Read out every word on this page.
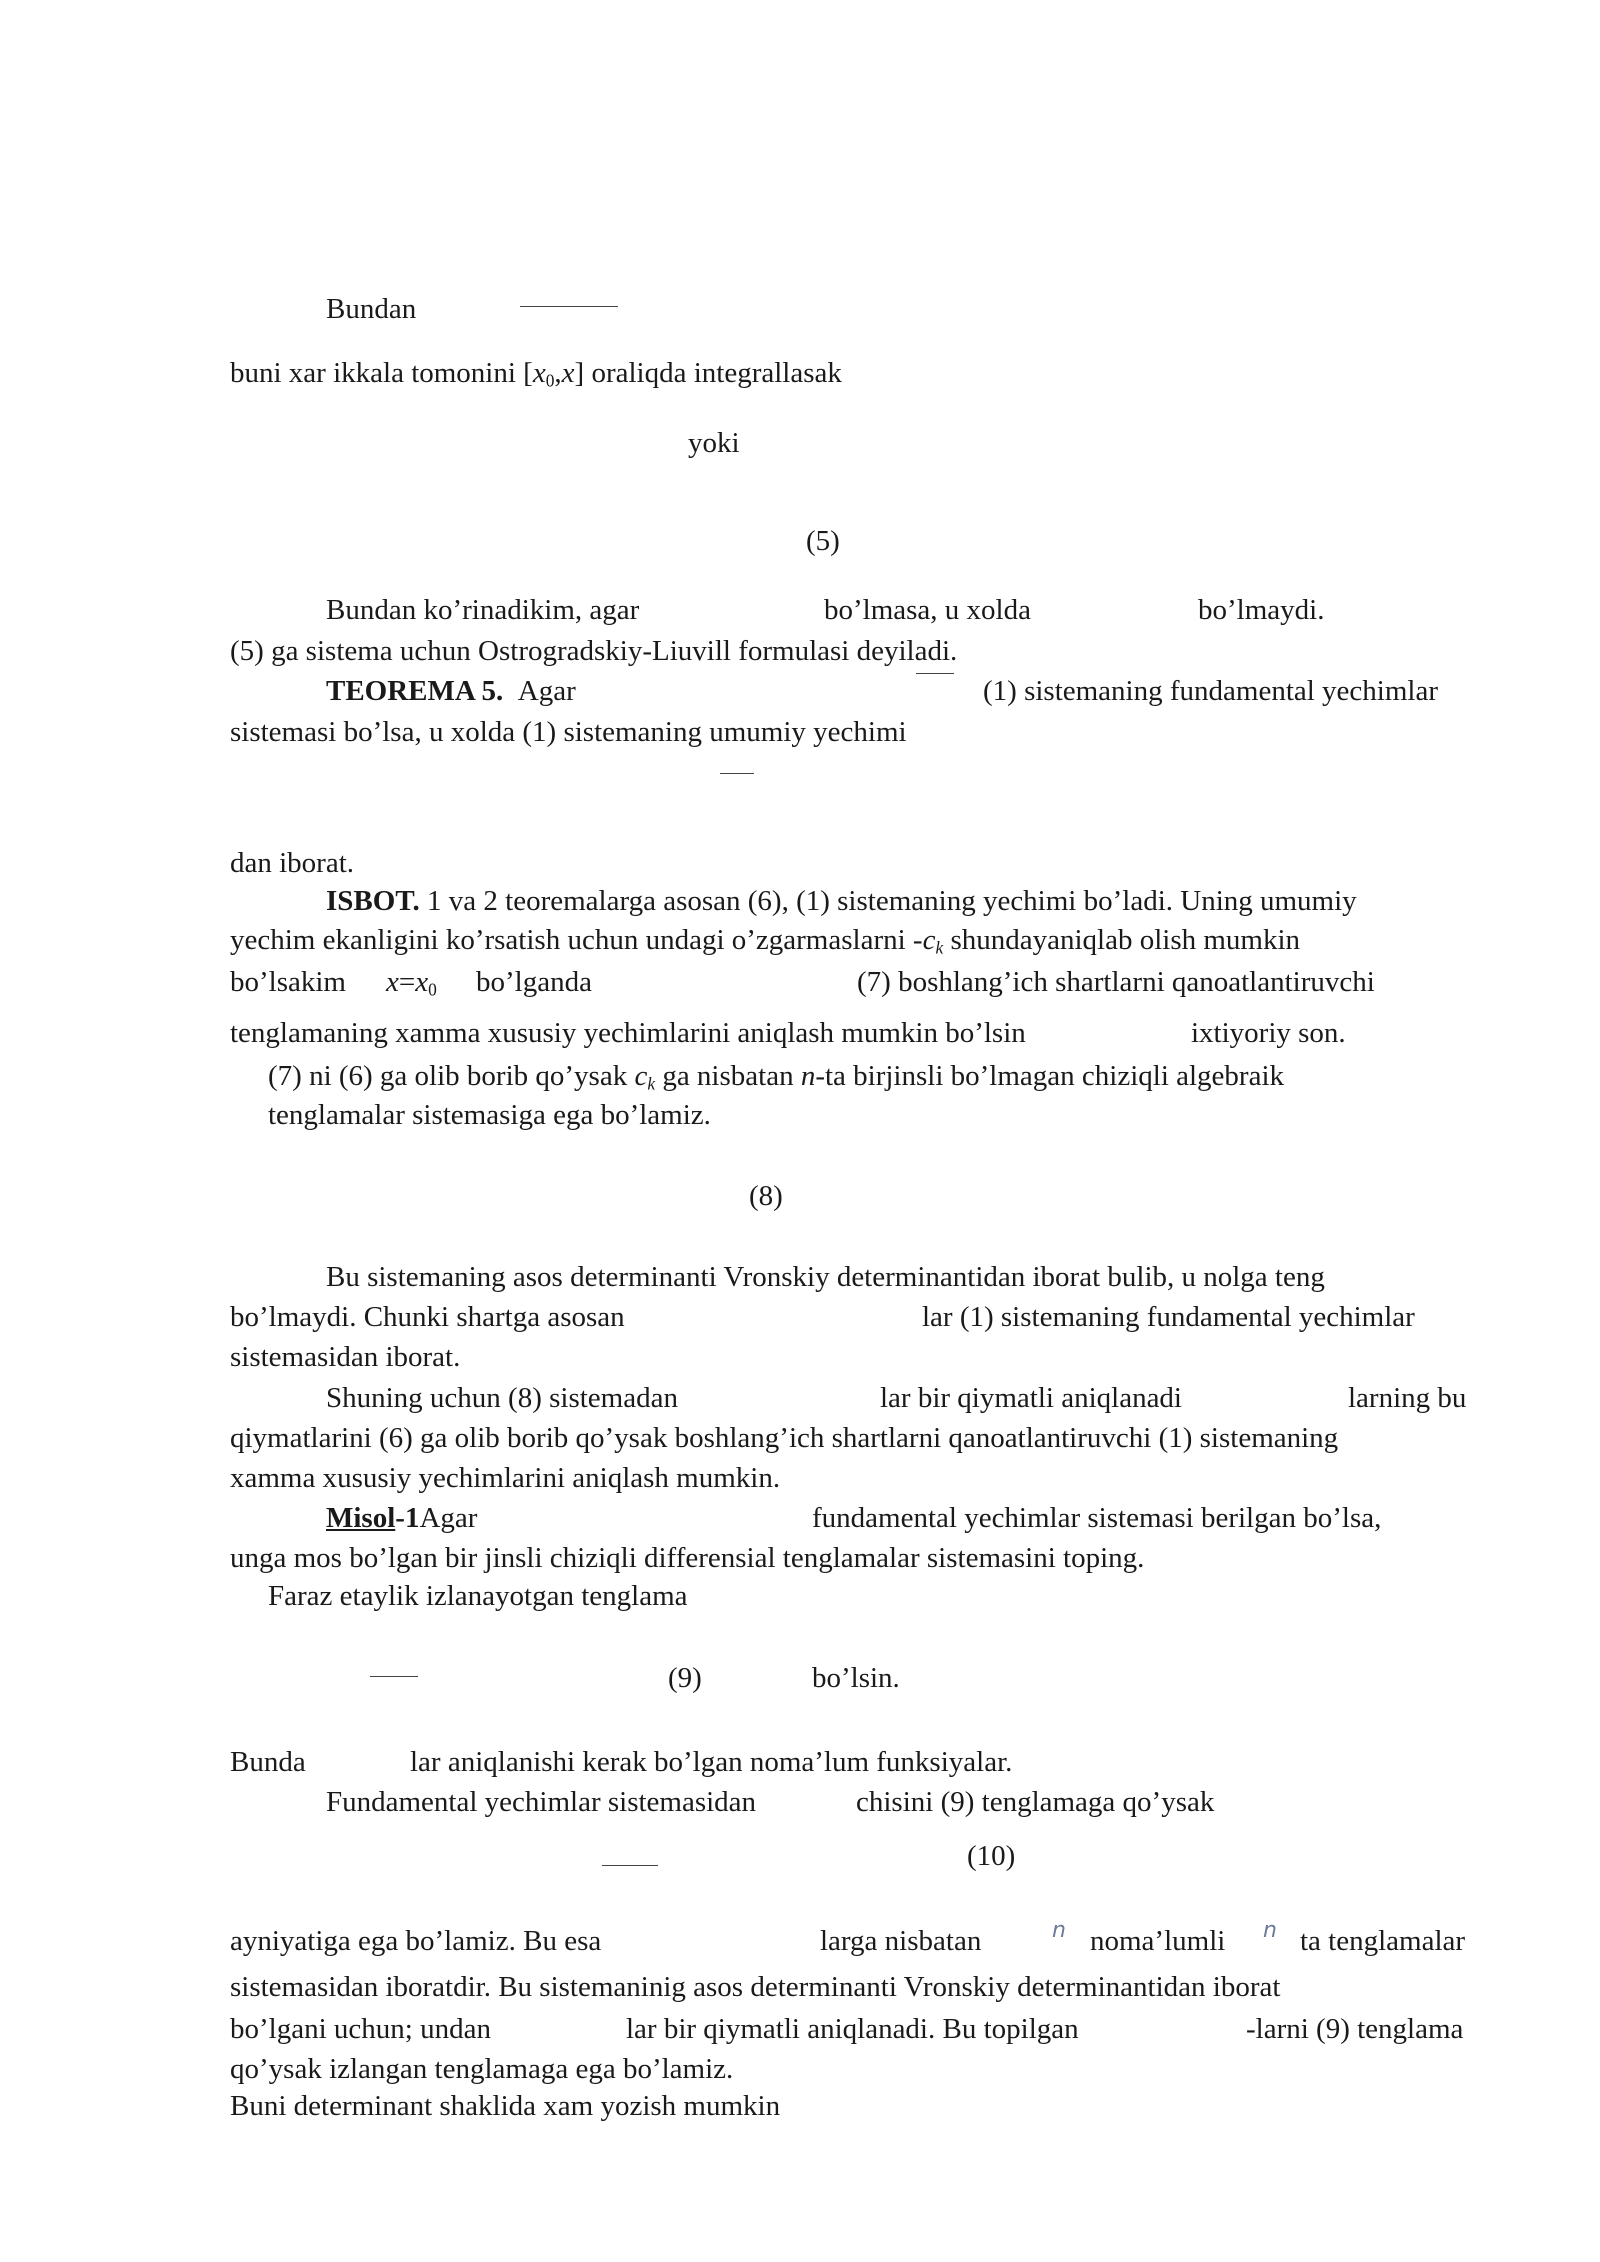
Bundan
buni xar ikkala tomonini $[x_0,x]$ oraliqda integrallasak
yoki
(5)
Bundan ko’rinadikim, agar	bo’lmasa, u xolda	bo’lmaydi.
(5) ga sistema uchun Ostrogradskiy-Liuvill formulasi deyiladi.
TEOREMA 5. Agar	(1) sistemaning fundamental yechimlar
sistemasi bo’lsa, u xolda (1) sistemaning umumiy yechimi
dan iborat.
ISBOT. 1 va 2 teoremalarga asosan (6), (1) sistemaning yechimi bo’ladi. Uning umumiy
yechim ekanligini ko’rsatish uchun undagi o’zgarmaslarni $-c_k$ shundayaniqlab olish mumkin
bo’lsakim $x=x_0$ bo’lganda	(7) boshlang’ich shartlarni qanoatlantiruvchi
tenglamaning xamma xususiy yechimlarini aniqlash mumkin bo’lsin	ixtiyoriy son.
(7) ni (6) ga olib borib qo’ysak $c_k$ ga nisbatan n-ta birjinsli bo’lmagan chiziqli algebraik
tenglamalar sistemasiga ega bo’lamiz.
(8)
Bu sistemaning asos determinanti Vronskiy determinantidan iborat bulib, u nolga teng
bo’lmaydi. Chunki shartga asosan	lar (1) sistemaning fundamental yechimlar
sistemasidan iborat.
Shuning uchun (8) sistemadan	lar bir qiymatli aniqlanadi	larning bu
qiymatlarini (6) ga olib borib qo’ysak boshlang’ich shartlarni qanoatlantiruvchi (1) sistemaning
xamma xususiy yechimlarini aniqlash mumkin.
Misol-1Agar	fundamental yechimlar sistemasi berilgan bo’lsa,
unga mos bo’lgan bir jinsli chiziqli differensial tenglamalar sistemasini toping.
Faraz etaylik izlanayotgan tenglama
(9)	bo’lsin.
Bunda	lar aniqlanishi kerak bo’lgan noma’lum funksiyalar.
Fundamental yechimlar sistemasidan	chisini (9) tenglamaga qo’ysak
(10)
ayniyatiga ega bo’lamiz. Bu esa	larga nisbatan	n noma’lumli n ta tenglamalar
sistemasidan iboratdir. Bu sistemaninig asos determinanti Vronskiy determinantidan iborat
bo’lgani uchun; undan	lar bir qiymatli aniqlanadi. Bu topilgan	-larni (9) tenglama
qo’ysak izlangan tenglamaga ega bo’lamiz.
Buni determinant shaklida xam yozish mumkin
